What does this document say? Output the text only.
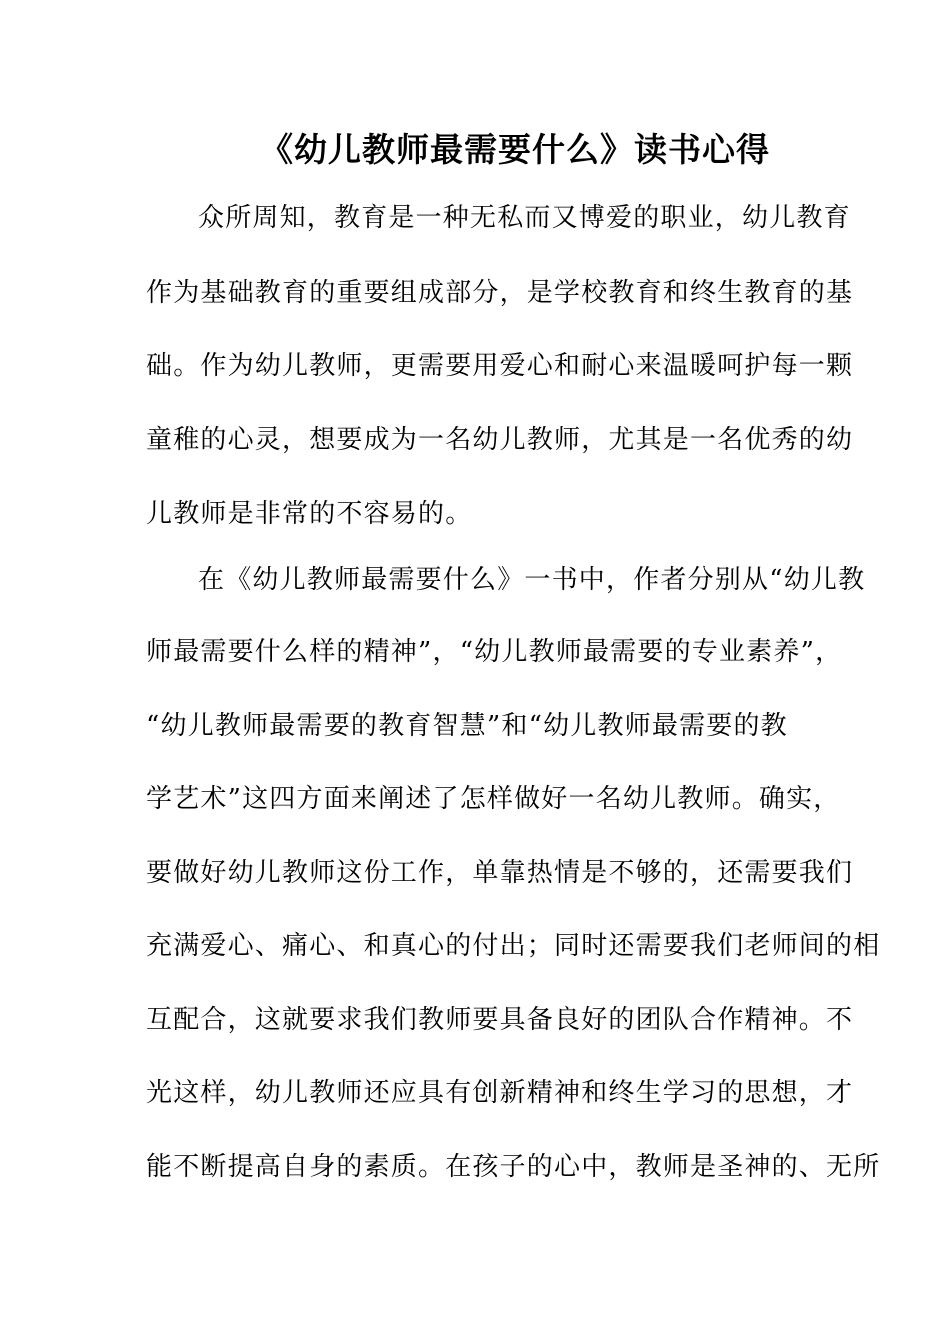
《幼儿教师最需要什么》读书心得

众所周知，教育是一种无私而又博爱的职业，幼儿教育

作为基础教育的重要组成部分，是学校教育和终生教育的基

础。作为幼儿教师，更需要用爱心和耐心来温暖呵护每一颗

童稚的心灵，想要成为一名幼儿教师，尤其是一名优秀的幼

儿教师是非常的不容易的。

在《幼儿教师最需要什么》一书中，作者分别从“幼儿教

师最需要什么样的精神”，“幼儿教师最需要的专业素养”，

“幼儿教师最需要的教育智慧”和“幼儿教师最需要的教

学艺术”这四方面来阐述了怎样做好一名幼儿教师。确实，

要做好幼儿教师这份工作，单靠热情是不够的，还需要我们

充满爱心、痛心、和真心的付出；同时还需要我们老师间的相

互配合，这就要求我们教师要具备良好的团队合作精神。不

光这样，幼儿教师还应具有创新精神和终生学习的思想，才

能不断提高自身的素质。在孩子的心中，教师是圣神的、无所
